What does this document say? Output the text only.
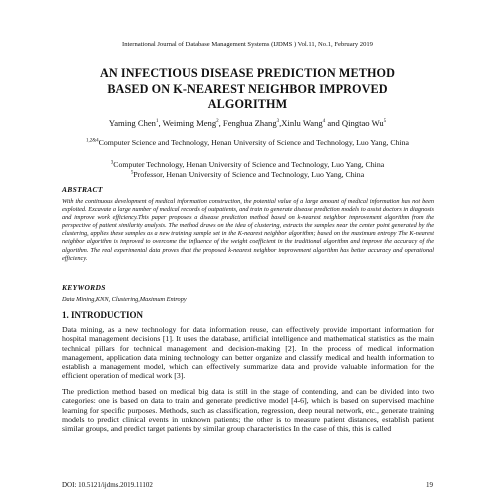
International Journal of Database Management Systems (IJDMS ) Vol.11, No.1, February 2019
AN INFECTIOUS DISEASE PREDICTION METHOD
BASED ON K-NEAREST NEIGHBOR IMPROVED
ALGORITHM
Yaming Chen$^1$, Weiming Meng$^2$, Fenghua Zhang$^3$,Xinlu Wang$^4$ and Qingtao Wu$^5$
$^{1,2\&4}$Computer Science and Technology, Henan University of Science and Technology, Luo Yang, China
$^3$Computer Technology, Henan University of Science and Technology, Luo Yang, China
$^5$Professor, Henan University of Science and Technology, Luo Yang, China
ABSTRACT
With the continuous development of medical information construction, the potential value of a large amount of medical information has not been exploited. Excavate a large number of medical records of outpatients, and train to generate disease prediction models to assist doctors in diagnosis and improve work efficiency.This paper proposes a disease prediction method based on k-nearest neighbor improvement algorithm from the perspective of patient similarity analysis. The method draws on the idea of clustering, extracts the samples near the center point generated by the clustering, applies these samples as a new training sample set in the K-nearest neighbor algorithm; based on the maximum entropy The K-nearest neighbor algorithm is improved to overcome the influence of the weight coefficient in the traditional algorithm and improve the accuracy of the algorithm. The real experimental data proves that the proposed k-nearest neighbor improvement algorithm has better accuracy and operational efficiency.
KEYWORDS
Data Mining,KNN, Clustering,Maximum Entropy
1. INTRODUCTION
Data mining, as a new technology for data information reuse, can effectively provide important information for hospital management decisions [1]. It uses the database, artificial intelligence and mathematical statistics as the main technical pillars for technical management and decision-making [2]. In the process of medical information management, application data mining technology can better organize and classify medical and health information to establish a management model, which can effectively summarize data and provide valuable information for the efficient operation of medical work [3].
The prediction method based on medical big data is still in the stage of contending, and can be divided into two categories: one is based on data to train and generate predictive model [4-6], which is based on supervised machine learning for specific purposes. Methods, such as classification, regression, deep neural network, etc., generate training models to predict clinical events in unknown patients; the other is to measure patient distances, establish patient similar groups, and predict target patients by similar group characteristics In the case of this, this is called
DOI: 10.5121/ijdms.2019.11102	19
